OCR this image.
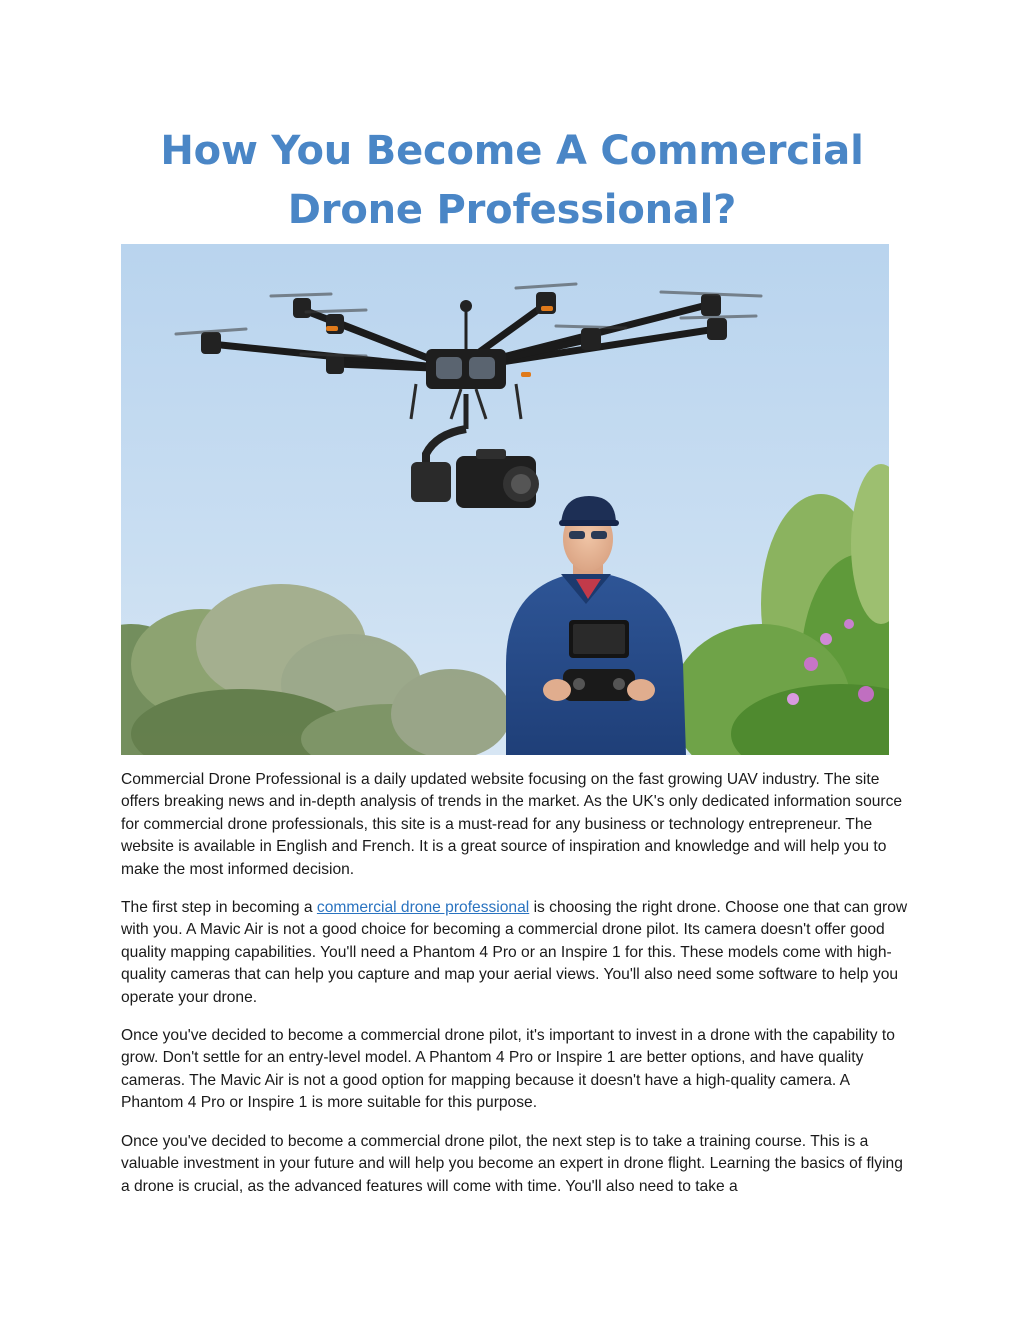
How You Become A Commercial
Drone Professional?

Commercial Drone Professional is a daily updated website focusing on the fast growing UAV industry. The site offers breaking news and in-depth analysis of trends in the market. As the UK's only dedicated information source for commercial drone professionals, this site is a must-read for any business or technology entrepreneur. The website is available in English and French. It is a great source of inspiration and knowledge and will help you to make the most informed decision.

The first step in becoming a commercial drone professional is choosing the right drone. Choose one that can grow with you. A Mavic Air is not a good choice for becoming a commercial drone pilot. Its camera doesn't offer good quality mapping capabilities. You'll need a Phantom 4 Pro or an Inspire 1 for this. These models come with high-quality cameras that can help you capture and map your aerial views. You'll also need some software to help you operate your drone.

Once you've decided to become a commercial drone pilot, it's important to invest in a drone with the capability to grow. Don't settle for an entry-level model. A Phantom 4 Pro or Inspire 1 are better options, and have quality cameras. The Mavic Air is not a good option for mapping because it doesn't have a high-quality camera. A Phantom 4 Pro or Inspire 1 is more suitable for this purpose.

Once you've decided to become a commercial drone pilot, the next step is to take a training course. This is a valuable investment in your future and will help you become an expert in drone flight. Learning the basics of flying a drone is crucial, as the advanced features will come with time. You'll also need to take a
